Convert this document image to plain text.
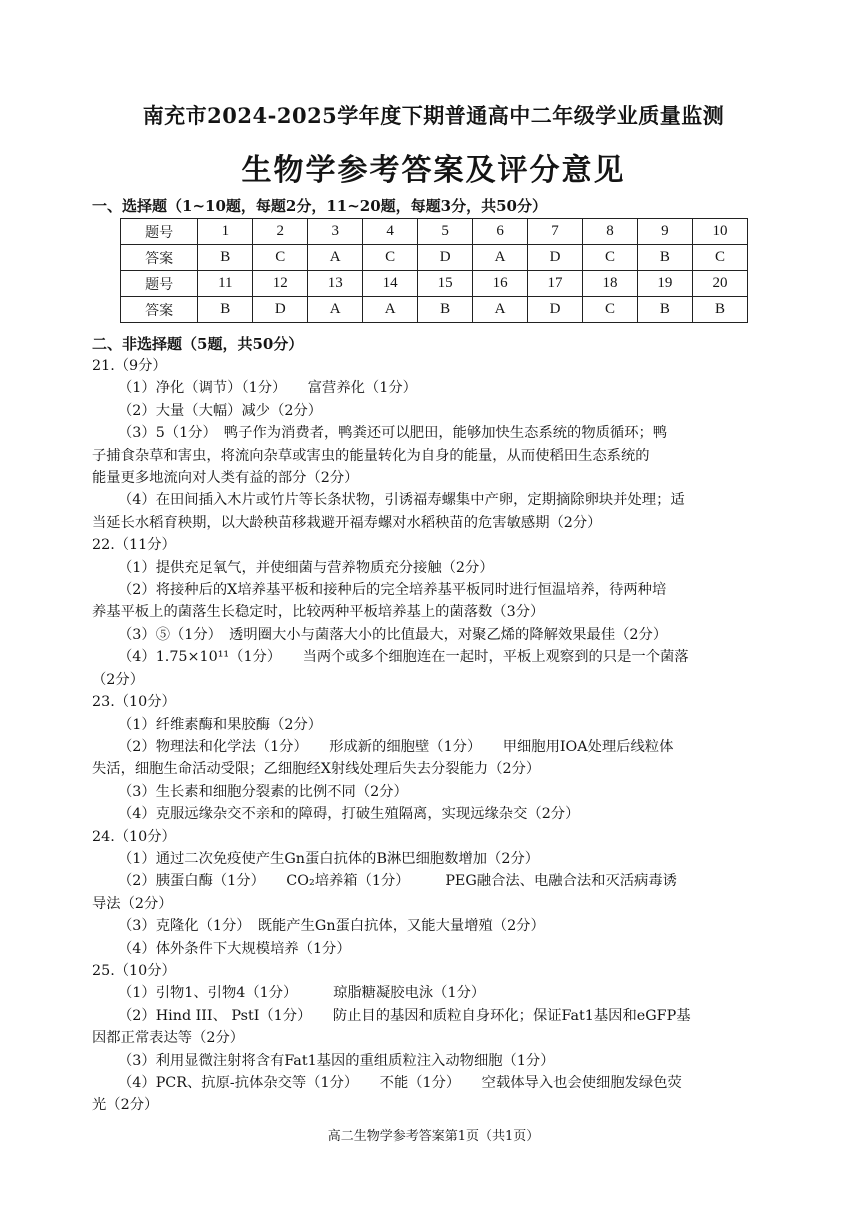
南充市2024-2025学年度下期普通高中二年级学业质量监测
生物学参考答案及评分意见
一、选择题（1~10题，每题2分，11~20题，每题3分，共50分）
题号	1	2	3	4	5	6	7	8	9	10
答案	B	C	A	C	D	A	D	C	B	C
题号	11	12	13	14	15	16	17	18	19	20
答案	B	D	A	A	B	A	D	C	B	B
二、非选择题（5题，共50分）
21.（9分）
（1）净化（调节）（1分）　　富营养化（1分）
（2）大量（大幅）减少（2分）
（3）5（1分）　鸭子作为消费者，鸭粪还可以肥田，能够加快生态系统的物质循环；鸭
子捕食杂草和害虫，将流向杂草或害虫的能量转化为自身的能量，从而使稻田生态系统的
能量更多地流向对人类有益的部分（2分）
（4）在田间插入木片或竹片等长条状物，引诱福寿螺集中产卵，定期摘除卵块并处理；适
当延长水稻育秧期，以大龄秧苗移栽避开福寿螺对水稻秧苗的危害敏感期（2分）
22.（11分）
（1）提供充足氧气，并使细菌与营养物质充分接触（2分）
（2）将接种后的X培养基平板和接种后的完全培养基平板同时进行恒温培养，待两种培
养基平板上的菌落生长稳定时，比较两种平板培养基上的菌落数（3分）
（3）⑤（1分）　透明圈大小与菌落大小的比值最大，对聚乙烯的降解效果最佳（2分）
（4）1.75×10¹¹（1分）　　当两个或多个细胞连在一起时，平板上观察到的只是一个菌落
（2分）
23.（10分）
（1）纤维素酶和果胶酶（2分）
（2）物理法和化学法（1分）　　形成新的细胞壁（1分）　　甲细胞用IOA处理后线粒体
失活，细胞生命活动受限；乙细胞经X射线处理后失去分裂能力（2分）
（3）生长素和细胞分裂素的比例不同（2分）
（4）克服远缘杂交不亲和的障碍，打破生殖隔离，实现远缘杂交（2分）
24.（10分）
（1）通过二次免疫使产生Gn蛋白抗体的B淋巴细胞数增加（2分）
（2）胰蛋白酶（1分）　　CO₂培养箱（1分）　　　PEG融合法、电融合法和灭活病毒诱
导法（2分）
（3）克隆化（1分）　既能产生Gn蛋白抗体，又能大量增殖（2分）
（4）体外条件下大规模培养（1分）
25.（10分）
（1）引物1、引物4（1分）　　　琼脂糖凝胶电泳（1分）
（2）Hind III、 PstI（1分）　　防止目的基因和质粒自身环化；保证Fat1基因和eGFP基
因都正常表达等（2分）
（3）利用显微注射将含有Fat1基因的重组质粒注入动物细胞（1分）
（4）PCR、抗原-抗体杂交等（1分）　　不能（1分）　　空载体导入也会使细胞发绿色荧
光（2分）
高二生物学参考答案第1页（共1页）
